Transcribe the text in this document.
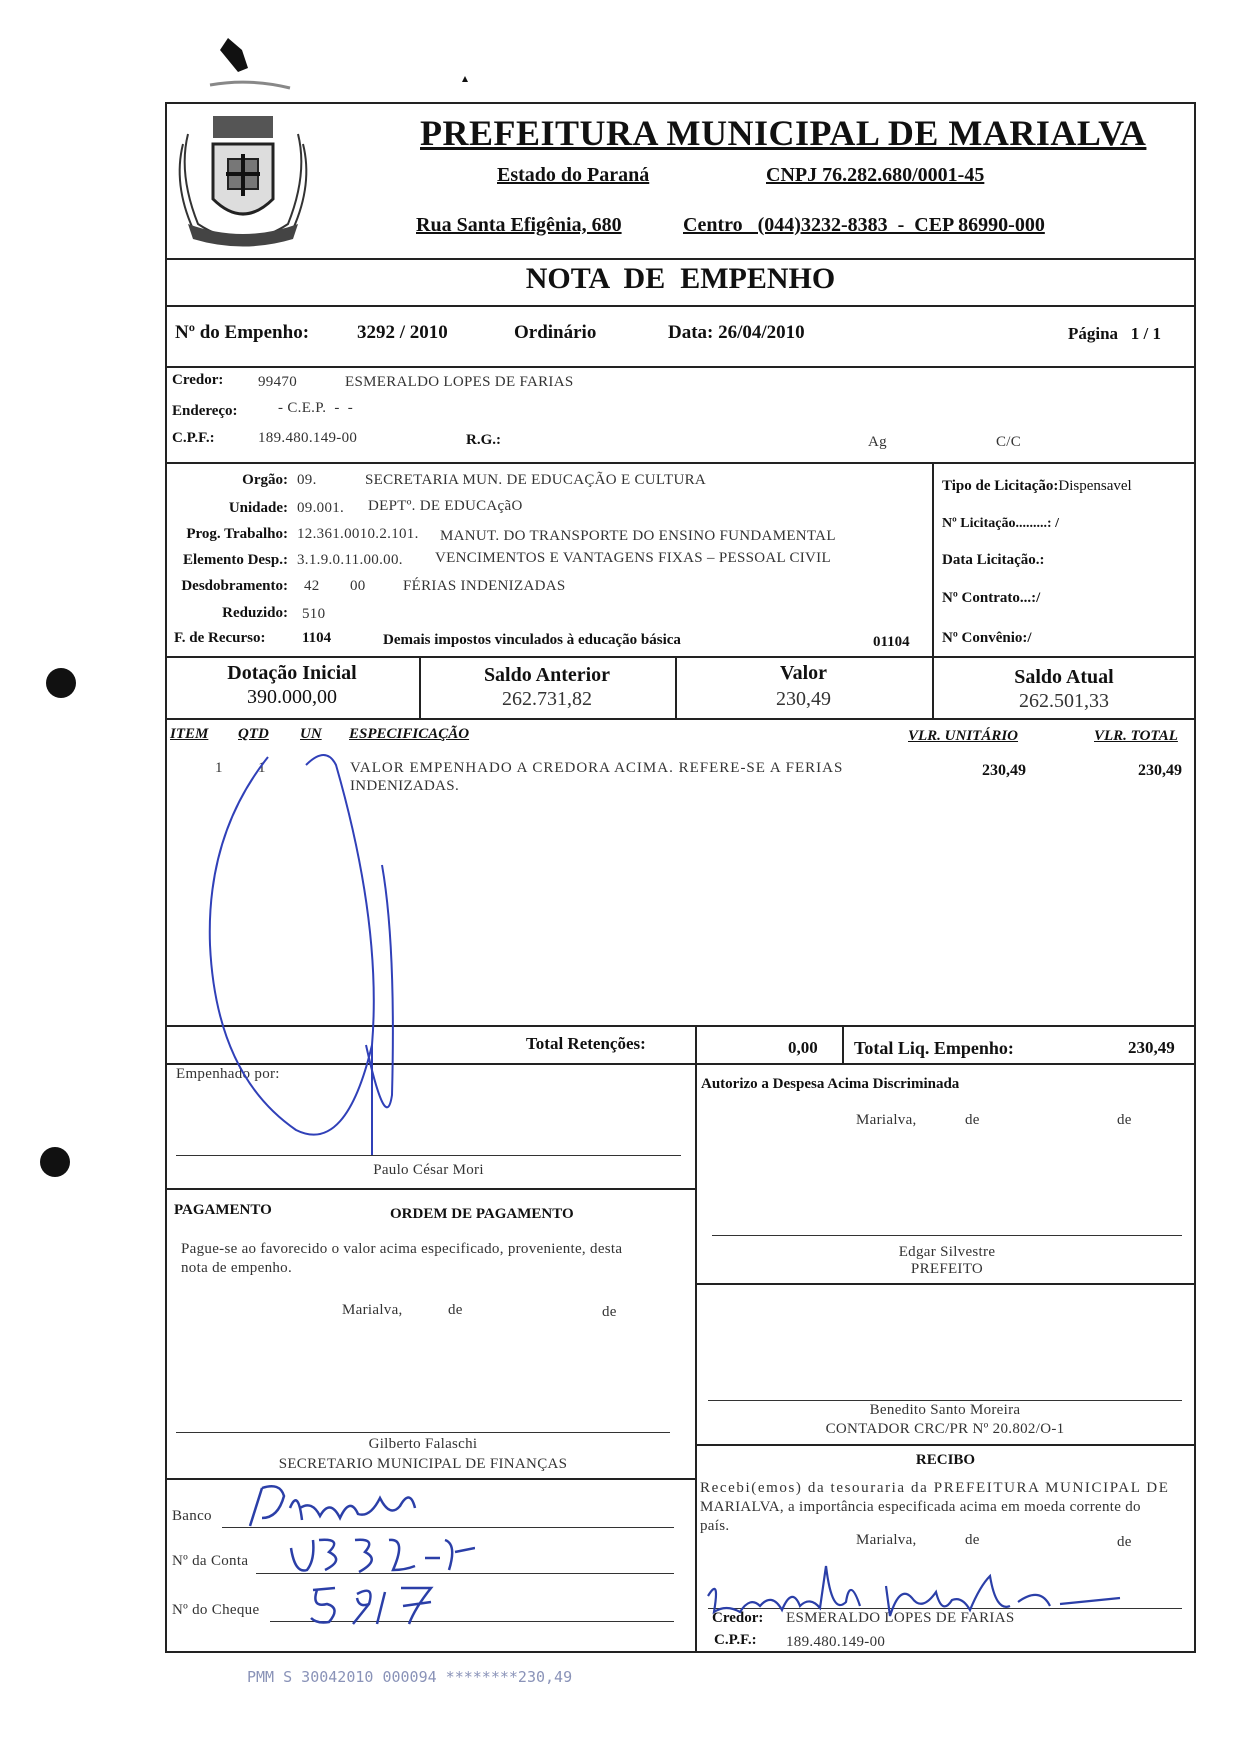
PREFEITURA MUNICIPAL DE MARIALVA
Estado do Paraná	CNPJ 76.282.680/0001-45
Rua Santa Efigênia, 680	Centro   (044)3232-8383  -  CEP 86990-000
NOTA  DE  EMPENHO
Nº do Empenho:	3292 / 2010	Ordinário	Data: 26/04/2010	Página   1 / 1
Credor: 99470	ESMERALDO LOPES DE FARIAS
Endereço:	- C.E.P.  -  -
C.P.F.:	189.480.149-00	R.G.:	Ag	C/C
Orgão: 09.	SECRETARIA MUN. DE EDUCAÇÃO E CULTURA
Unidade: 09.001. DEPTº. DE EDUCAçãO
Prog. Trabalho: 12.361.0010.2.101. MANUT. DO TRANSPORTE DO ENSINO FUNDAMENTAL
Elemento Desp.: 3.1.9.0.11.00.00. VENCIMENTOS E VANTAGENS FIXAS – PESSOAL CIVIL
Desdobramento: 42 00 FÉRIAS INDENIZADAS
Reduzido: 510
F. de Recurso: 1104	Demais impostos vinculados à educação básica	01104
Tipo de Licitação:Dispensavel
Nº Licitação.........: /
Data Licitação.:
Nº Contrato...:/
Nº Convênio:/
Dotação Inicial
390.000,00
Saldo Anterior
262.731,82
Valor
230,49
Saldo Atual
262.501,33
ITEM QTD UN ESPECIFICAÇÃO	VLR. UNITÁRIO	VLR. TOTAL
1 1	VALOR EMPENHADO A CREDORA ACIMA. REFERE-SE A FERIAS
INDENIZADAS.
230,49	230,49
Total Retenções:	0,00 Total Liq. Empenho:	230,49
Empenhado por:
Paulo César Mori
Autorizo a Despesa Acima Discriminada
Marialva,	de	de
Edgar Silvestre
PREFEITO
PAGAMENTO	ORDEM DE PAGAMENTO
Pague-se ao favorecido o valor acima especificado, proveniente, desta
nota de empenho.
Marialva,	de	de
Gilberto Falaschi
SECRETARIO MUNICIPAL DE FINANÇAS
Benedito Santo Moreira
CONTADOR CRC/PR Nº 20.802/O-1
RECIBO
Recebi(emos) da tesouraria da PREFEITURA MUNICIPAL DE
MARIALVA, a importância especificada acima em moeda corrente do
país.
Marialva,	de	de
Credor: ESMERALDO LOPES DE FARIAS
C.P.F.: 189.480.149-00
Banco
Nº da Conta
Nº do Cheque
PMM S 30042010 000094 ********230,49
